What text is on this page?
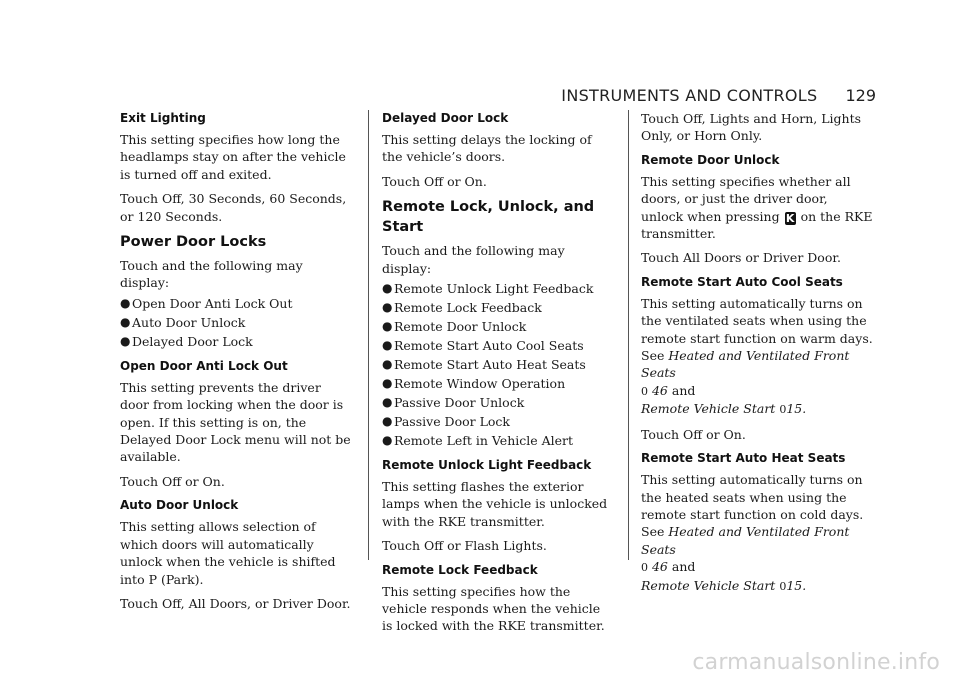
INSTRUMENTS AND CONTROLS 129
Exit Lighting

This setting specifies how long the headlamps stay on after the vehicle is turned off and exited.

Touch Off, 30 Seconds, 60 Seconds, or 120 Seconds.

Power Door Locks

Touch and the following may display:

● Open Door Anti Lock Out
● Auto Door Unlock
● Delayed Door Lock
Open Door Anti Lock Out

This setting prevents the driver door from locking when the door is open. If this setting is on, the Delayed Door Lock menu will not be available.

Touch Off or On.

Auto Door Unlock

This setting allows selection of which doors will automatically unlock when the vehicle is shifted into P (Park).

Touch Off, All Doors, or Driver Door.

Delayed Door Lock

This setting delays the locking of the vehicle’s doors.

Touch Off or On.

Remote Lock, Unlock, and Start

Touch and the following may display:

● Remote Unlock Light Feedback
● Remote Lock Feedback
● Remote Door Unlock
● Remote Start Auto Cool Seats
● Remote Start Auto Heat Seats
● Remote Window Operation
● Passive Door Unlock
● Passive Door Lock
● Remote Left in Vehicle Alert
Remote Unlock Light Feedback

This setting flashes the exterior lamps when the vehicle is unlocked with the RKE transmitter.

Touch Off or Flash Lights.

Remote Lock Feedback

This setting specifies how the vehicle responds when the vehicle is locked with the RKE transmitter.

Touch Off, Lights and Horn, Lights Only, or Horn Only.

Remote Door Unlock

This setting specifies whether all doors, or just the driver door, unlock when pressing K on the RKE transmitter.

Touch All Doors or Driver Door.

Remote Start Auto Cool Seats

This setting automatically turns on the ventilated seats when using the remote start function on warm days. See Heated and Ventilated Front Seats
0 46 and
Remote Vehicle Start 015.

Touch Off or On.

Remote Start Auto Heat Seats

This setting automatically turns on the heated seats when using the remote start function on cold days. See Heated and Ventilated Front Seats
0 46 and
Remote Vehicle Start 015.

carmanualsonline.info
